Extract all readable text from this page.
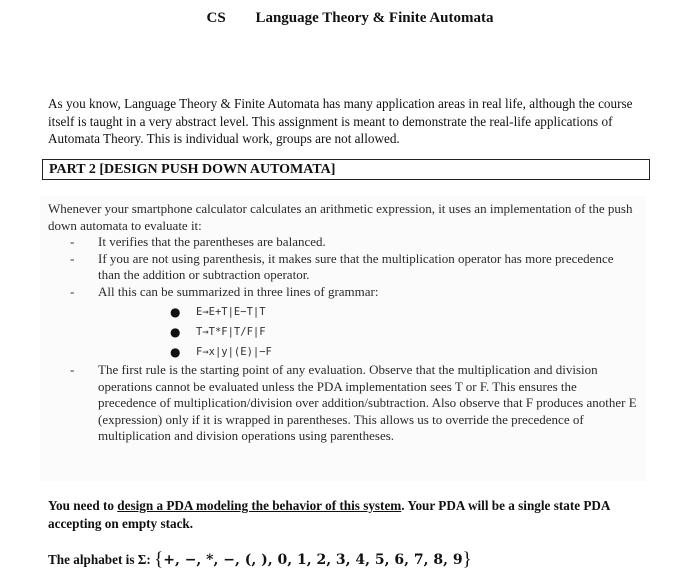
CS Language Theory & Finite Automata
As you know, Language Theory & Finite Automata has many application areas in real life, although the course itself is taught in a very abstract level. This assignment is meant to demonstrate the real-life applications of Automata Theory. This is individual work, groups are not allowed.
PART 2 [DESIGN PUSH DOWN AUTOMATA]
Whenever your smartphone calculator calculates an arithmetic expression, it uses an implementation of the push down automata to evaluate it:
- It verifies that the parentheses are balanced.
- If you are not using parenthesis, it makes sure that the multiplication operator has more precedence than the addition or subtraction operator.
- All this can be summarized in three lines of grammar:
● E→E+T|E−T|T
● T→T*F|T/F|F
● F→x|y|(E)|−F
- The first rule is the starting point of any evaluation. Observe that the multiplication and division operations cannot be evaluated unless the PDA implementation sees T or F. This ensures the precedence of multiplication/division over addition/subtraction. Also observe that F produces another E (expression) only if it is wrapped in parentheses. This allows us to override the precedence of multiplication and division operations using parentheses.
You need to design a PDA modeling the behavior of this system. Your PDA will be a single state PDA accepting on empty stack.
The alphabet is Σ: {+, −, *, −, (, ), 0, 1, 2, 3, 4, 5, 6, 7, 8, 9}
